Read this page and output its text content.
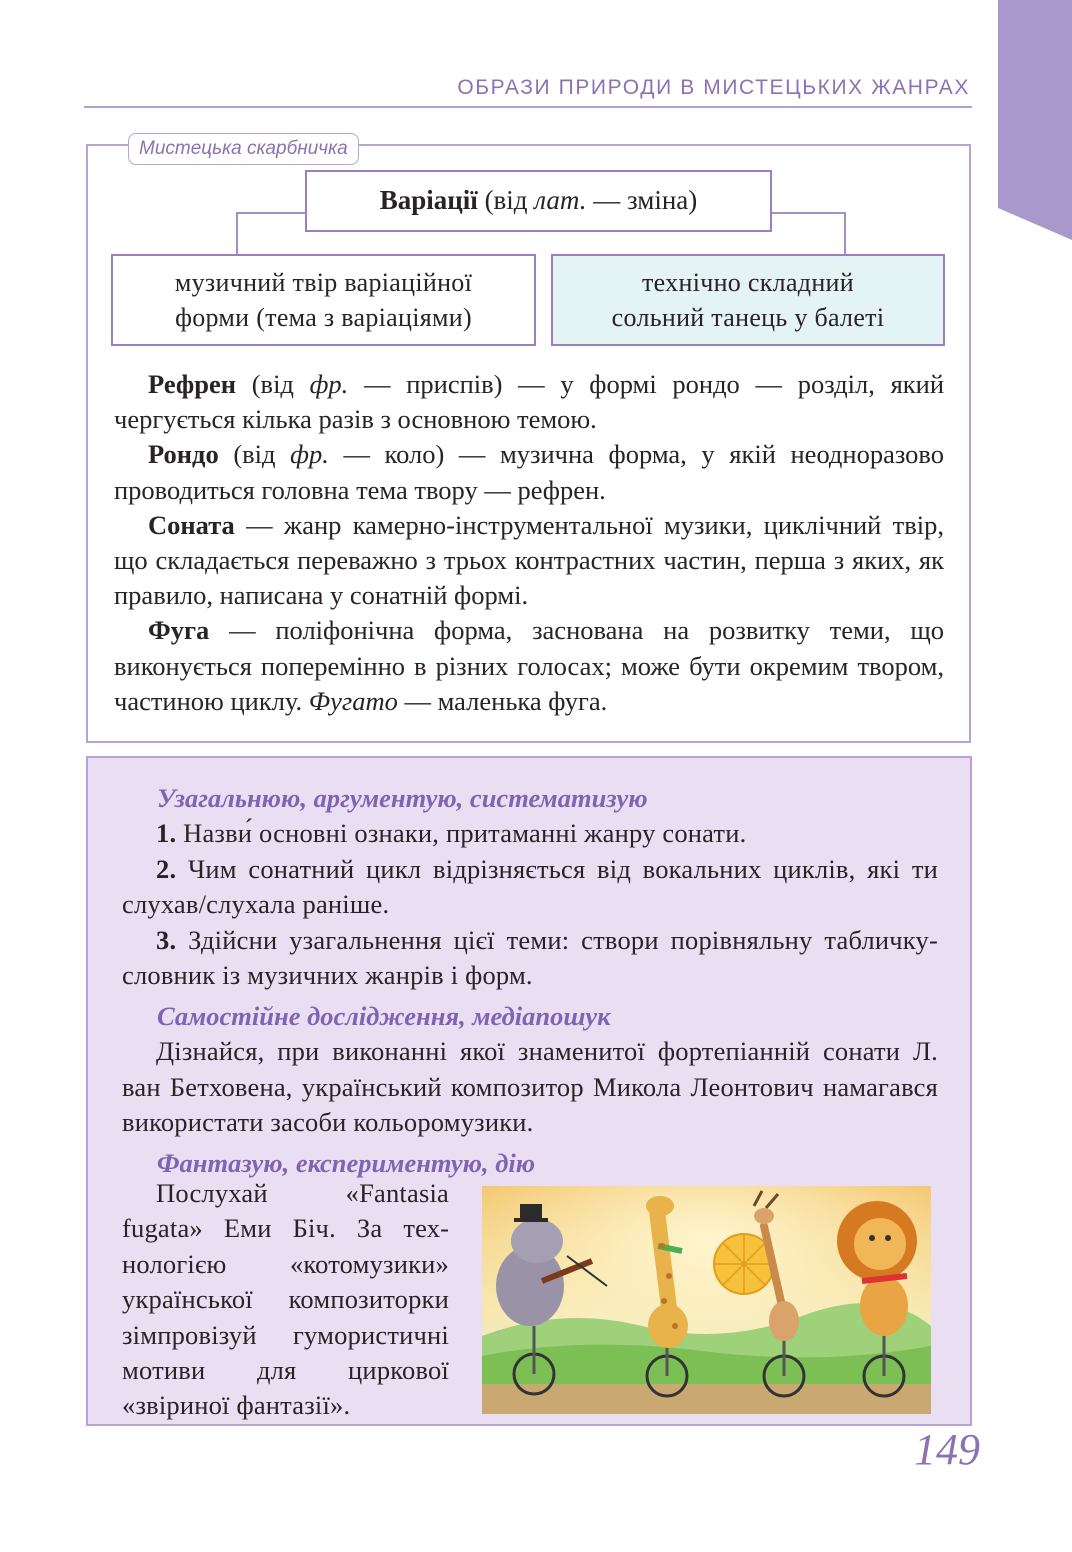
ОБРАЗИ ПРИРОДИ В МИСТЕЦЬКИХ ЖАНРАХ
Мистецька скарбничка
Варіації (від лат. — зміна)
музичний твір варіаційної
форми (тема з варіаціями)
технічно складний
сольний танець у балеті

Рефрен (від фр. — приспів) — у формі рондо — розділ, який чергується кілька разів з основною темою.

Рондо (від фр. — коло) — музична форма, у якій неодноразово проводиться головна тема твору — рефрен.

Соната — жанр камерно-інструментальної музики, циклічний твір, що складається переважно з трьох контрастних частин, перша з яких, як правило, написана у сонатній формі.

Фуга — поліфонічна форма, заснована на розвитку теми, що виконується поперемінно в різних голосах; може бути окремим твором, частиною циклу. Фугато — маленька фуга.

Узагальнюю, аргументую, систематизую

1. Назви́ основні ознаки, притаманні жанру сонати.

2. Чим сонатний цикл відрізняється від вокальних циклів, які ти слухав/слухала раніше.

3. Здійсни узагальнення цієї теми: створи порівняльну табличку-словник із музичних жанрів і форм.

Самостійне дослідження, медіапошук

Дізнайся, при виконанні якої знаменитої фортепіанній сонати Л. ван Бетховена, український композитор Микола Леонтович намагався використати засоби кольоромузики.

Фантазую, експериментую, дію

Послухай «Fantasia fugata» Еми Біч. За технологією «котомузики» української композиторки зімпровізуй гумористичні мотиви для циркової «звіриної фантазії».

149
